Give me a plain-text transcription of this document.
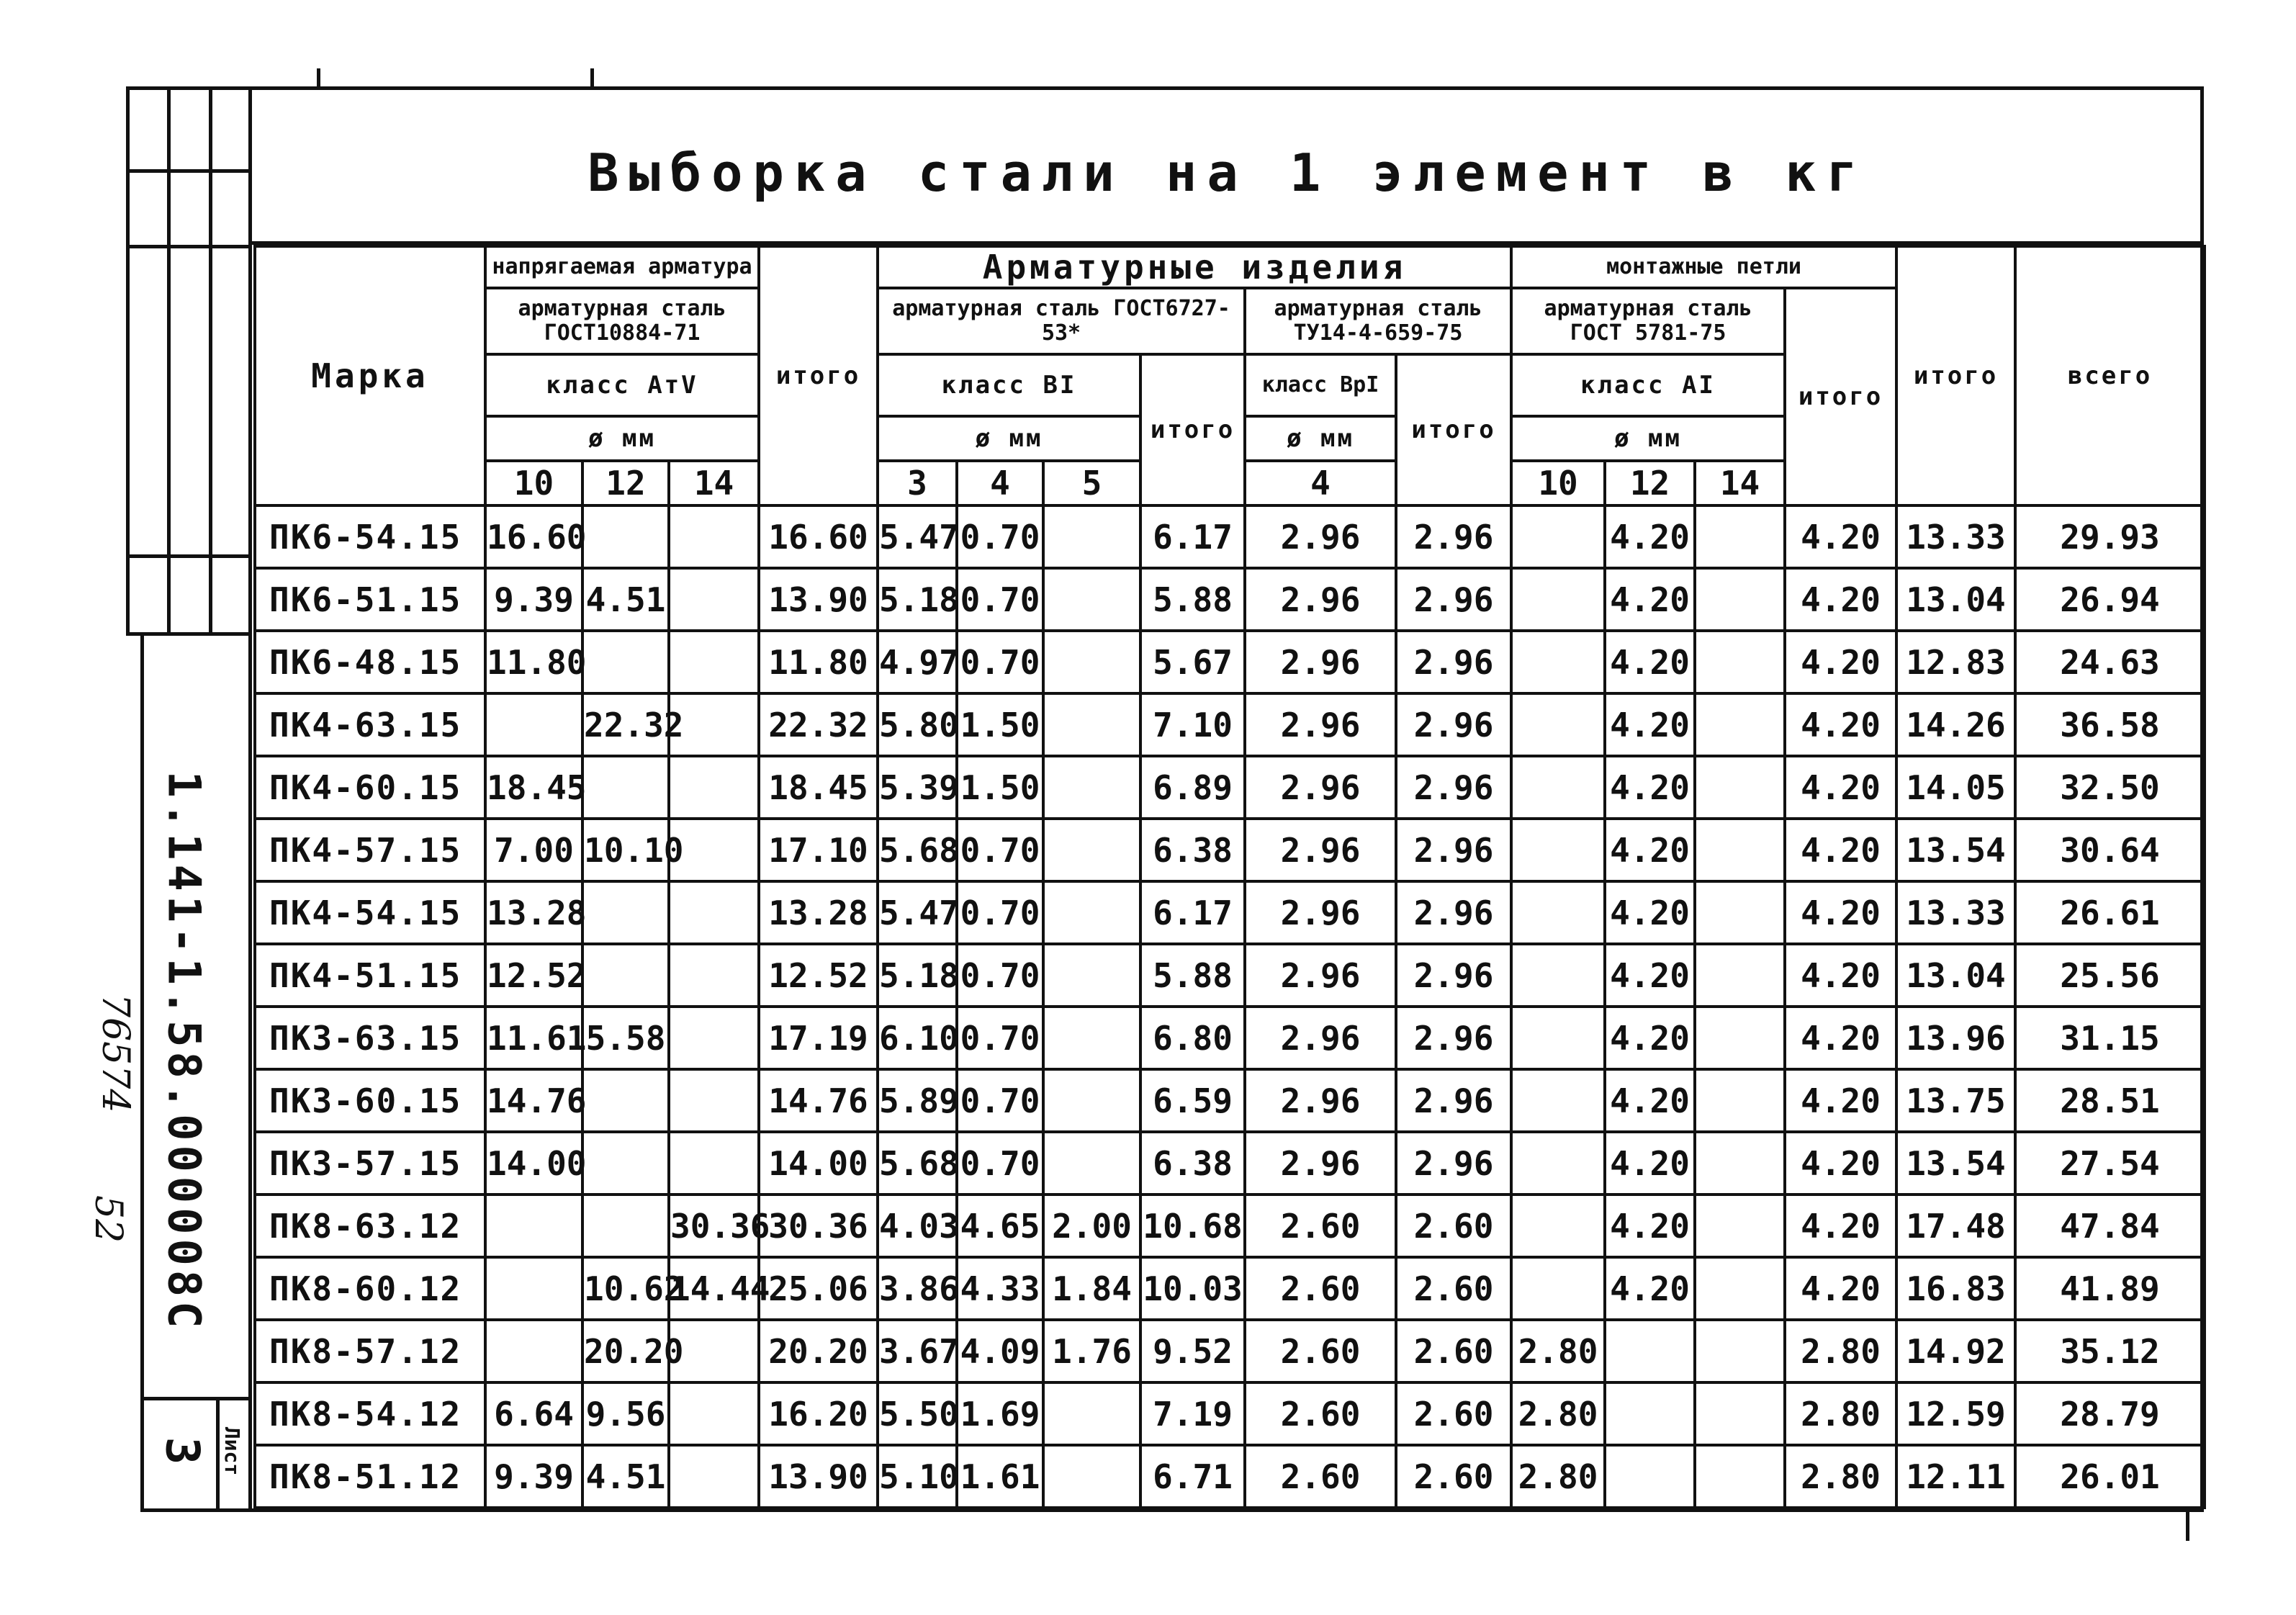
1.141-1.58.000008С
76574
52
3 Лист
Выборка стали на 1 элемент в кг
Марка	напрягаемая арматура			итого	Арматурные изделия						монтажные петли				итого	всего
	арматурная сталь ГОСТ10884-71				арматурная сталь ГОСТ6727-53*				арматурная сталь ТУ14-4-659-75		арматурная сталь ГОСТ 5781-75			итого		
	класс АтV				класс ВI			итого	класс ВрI	итого	класс АI					
	ø мм				ø мм				ø мм		ø мм					
	10	12	14		3	4	5		4		10	12	14			
ПК6-54.15	16.60			16.60	5.47	0.70		6.17	2.96	2.96		4.20		4.20	13.33	29.93
ПК6-51.15	9.39	4.51		13.90	5.18	0.70		5.88	2.96	2.96		4.20		4.20	13.04	26.94
ПК6-48.15	11.80			11.80	4.97	0.70		5.67	2.96	2.96		4.20		4.20	12.83	24.63
ПК4-63.15		22.32		22.32	5.80	1.50		7.10	2.96	2.96		4.20		4.20	14.26	36.58
ПК4-60.15	18.45			18.45	5.39	1.50		6.89	2.96	2.96		4.20		4.20	14.05	32.50
ПК4-57.15	7.00	10.10		17.10	5.68	0.70		6.38	2.96	2.96		4.20		4.20	13.54	30.64
ПК4-54.15	13.28			13.28	5.47	0.70		6.17	2.96	2.96		4.20		4.20	13.33	26.61
ПК4-51.15	12.52			12.52	5.18	0.70		5.88	2.96	2.96		4.20		4.20	13.04	25.56
ПК3-63.15	11.61	5.58		17.19	6.10	0.70		6.80	2.96	2.96		4.20		4.20	13.96	31.15
ПК3-60.15	14.76			14.76	5.89	0.70		6.59	2.96	2.96		4.20		4.20	13.75	28.51
ПК3-57.15	14.00			14.00	5.68	0.70		6.38	2.96	2.96		4.20		4.20	13.54	27.54
ПК8-63.12			30.36	30.36	4.03	4.65	2.00	10.68	2.60	2.60		4.20		4.20	17.48	47.84
ПК8-60.12		10.62	14.44	25.06	3.86	4.33	1.84	10.03	2.60	2.60		4.20		4.20	16.83	41.89
ПК8-57.12		20.20		20.20	3.67	4.09	1.76	9.52	2.60	2.60	2.80			2.80	14.92	35.12
ПК8-54.12	6.64	9.56		16.20	5.50	1.69		7.19	2.60	2.60	2.80			2.80	12.59	28.79
ПК8-51.12	9.39	4.51		13.90	5.10	1.61		6.71	2.60	2.60	2.80			2.80	12.11	26.01
